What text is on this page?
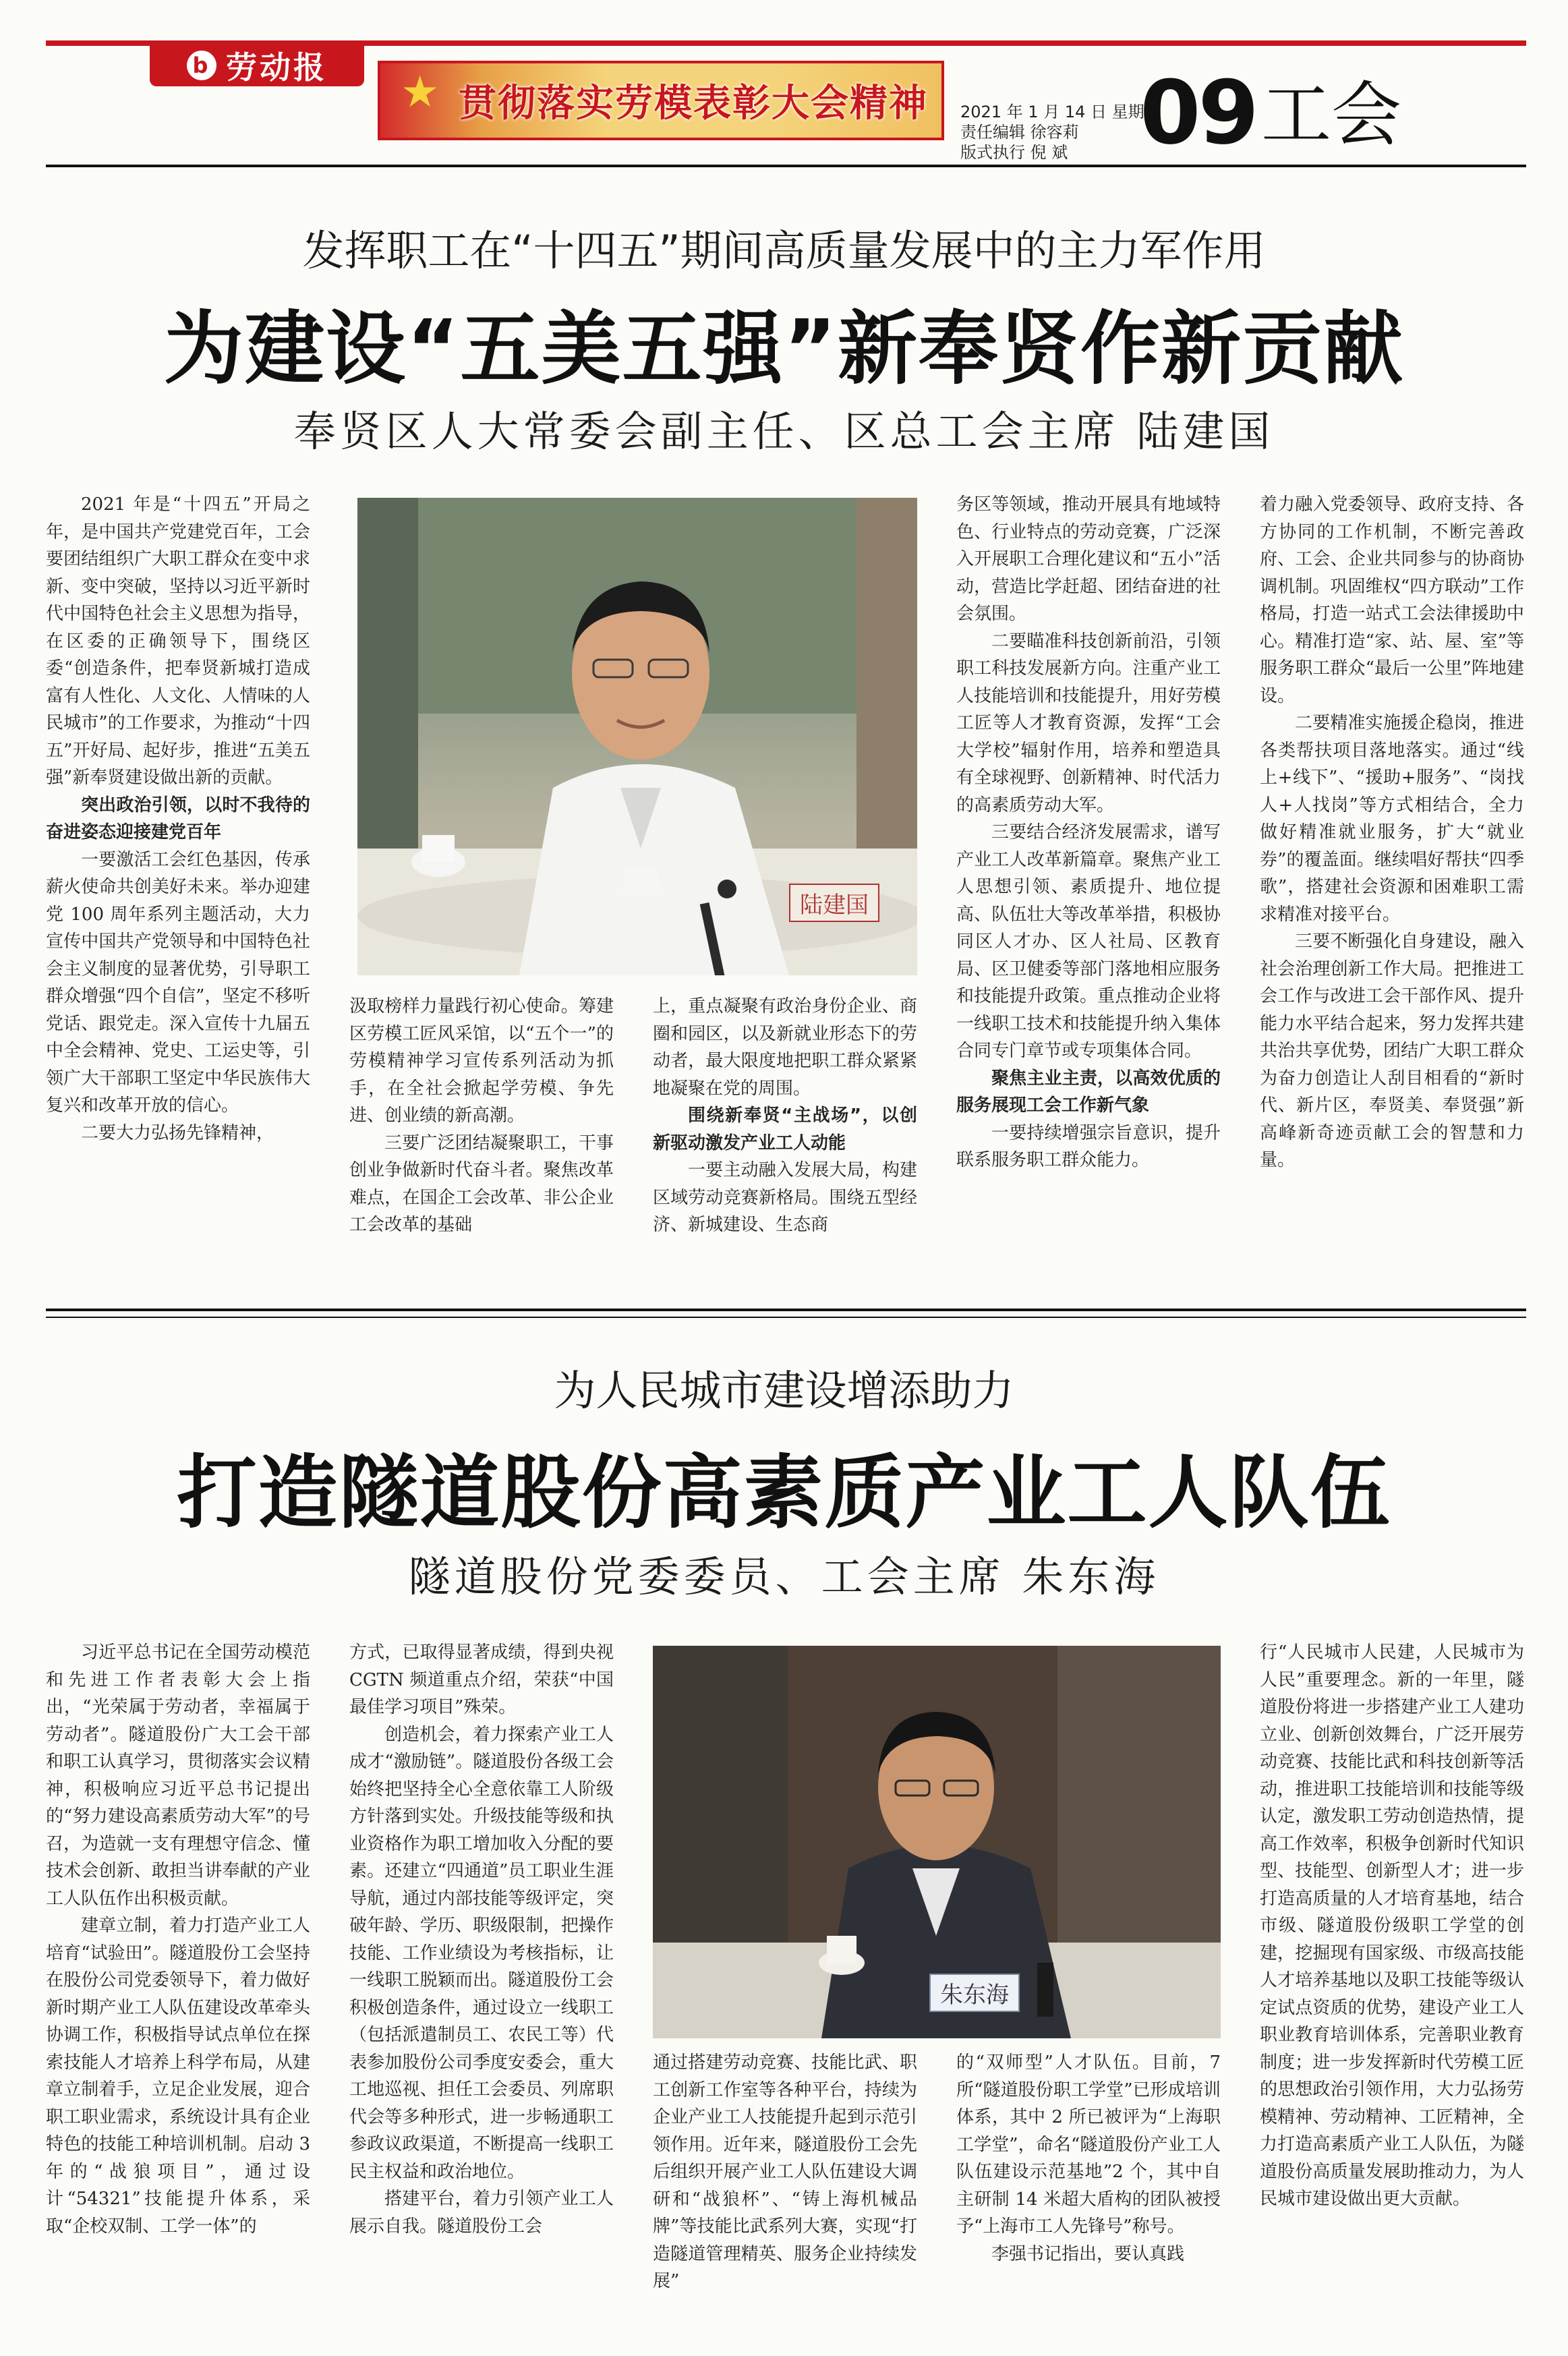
b 劳动报 ★ 贯彻落实劳模表彰大会精神 2021 年 1 月 14 日 星期四
责任编辑 徐容莉
版式执行 倪 斌 09 工会
发挥职工在“十四五”期间高质量发展中的主力军作用
为建设“五美五强”新奉贤作新贡献
奉贤区人大常委会副主任、区总工会主席 陆建国
陆建国

2021 年是“十四五”开局之年，是中国共产党建党百年，工会要团结组织广大职工群众在变中求新、变中突破，坚持以习近平新时代中国特色社会主义思想为指导，在区委的正确领导下，围绕区委“创造条件，把奉贤新城打造成富有人性化、人文化、人情味的人民城市”的工作要求，为推动“十四五”开好局、起好步，推进“五美五强”新奉贤建设做出新的贡献。

突出政治引领，以时不我待的奋进姿态迎接建党百年

一要激活工会红色基因，传承薪火使命共创美好未来。举办迎建党 100 周年系列主题活动，大力宣传中国共产党领导和中国特色社会主义制度的显著优势，引导职工群众增强“四个自信”，坚定不移听党话、跟党走。深入宣传十九届五中全会精神、党史、工运史等，引领广大干部职工坚定中华民族伟大复兴和改革开放的信心。

二要大力弘扬先锋精神，

汲取榜样力量践行初心使命。筹建区劳模工匠风采馆，以“五个一”的劳模精神学习宣传系列活动为抓手，在全社会掀起学劳模、争先进、创业绩的新高潮。

三要广泛团结凝聚职工，干事创业争做新时代奋斗者。聚焦改革难点，在国企工会改革、非公企业工会改革的基础

上，重点凝聚有政治身份企业、商圈和园区，以及新就业形态下的劳动者，最大限度地把职工群众紧紧地凝聚在党的周围。

围绕新奉贤“主战场”，以创新驱动激发产业工人动能

一要主动融入发展大局，构建区域劳动竞赛新格局。围绕五型经济、新城建设、生态商

务区等领域，推动开展具有地域特色、行业特点的劳动竞赛，广泛深入开展职工合理化建议和“五小”活动，营造比学赶超、团结奋进的社会氛围。

二要瞄准科技创新前沿，引领职工科技发展新方向。注重产业工人技能培训和技能提升，用好劳模工匠等人才教育资源，发挥“工会大学校”辐射作用，培养和塑造具有全球视野、创新精神、时代活力的高素质劳动大军。

三要结合经济发展需求，谱写产业工人改革新篇章。聚焦产业工人思想引领、素质提升、地位提高、队伍壮大等改革举措，积极协同区人才办、区人社局、区教育局、区卫健委等部门落地相应服务和技能提升政策。重点推动企业将一线职工技术和技能提升纳入集体合同专门章节或专项集体合同。

聚焦主业主责，以高效优质的服务展现工会工作新气象

一要持续增强宗旨意识，提升联系服务职工群众能力。

着力融入党委领导、政府支持、各方协同的工作机制，不断完善政府、工会、企业共同参与的协商协调机制。巩固维权“四方联动”工作格局，打造一站式工会法律援助中心。精准打造“家、站、屋、室”等服务职工群众“最后一公里”阵地建设。

二要精准实施援企稳岗，推进各类帮扶项目落地落实。通过“线上+线下”、“援助+服务”、“岗找人+人找岗”等方式相结合，全力做好精准就业服务，扩大“就业券”的覆盖面。继续唱好帮扶“四季歌”，搭建社会资源和困难职工需求精准对接平台。

三要不断强化自身建设，融入社会治理创新工作大局。把推进工会工作与改进工会干部作风、提升能力水平结合起来，努力发挥共建共治共享优势，团结广大职工群众为奋力创造让人刮目相看的“新时代、新片区，奉贤美、奉贤强”新高峰新奇迹贡献工会的智慧和力量。

为人民城市建设增添助力
打造隧道股份高素质产业工人队伍
隧道股份党委委员、工会主席 朱东海
朱东海

习近平总书记在全国劳动模范和先进工作者表彰大会上指出，“光荣属于劳动者，幸福属于劳动者”。隧道股份广大工会干部和职工认真学习，贯彻落实会议精神，积极响应习近平总书记提出的“努力建设高素质劳动大军”的号召，为造就一支有理想守信念、懂技术会创新、敢担当讲奉献的产业工人队伍作出积极贡献。

建章立制，着力打造产业工人培育“试验田”。隧道股份工会坚持在股份公司党委领导下，着力做好新时期产业工人队伍建设改革牵头协调工作，积极指导试点单位在探索技能人才培养上科学布局，从建章立制着手，立足企业发展，迎合职工职业需求，系统设计具有企业特色的技能工种培训机制。启动 3 年的“战狼项目”，通过设计“54321”技能提升体系，采取“企校双制、工学一体”的

方式，已取得显著成绩，得到央视 CGTN 频道重点介绍，荣获“中国最佳学习项目”殊荣。

创造机会，着力探索产业工人成才“激励链”。隧道股份各级工会始终把坚持全心全意依靠工人阶级方针落到实处。升级技能等级和执业资格作为职工增加收入分配的要素。还建立“四通道”员工职业生涯导航，通过内部技能等级评定，突破年龄、学历、职级限制，把操作技能、工作业绩设为考核指标，让一线职工脱颖而出。隧道股份工会积极创造条件，通过设立一线职工（包括派遣制员工、农民工等）代表参加股份公司季度安委会，重大工地巡视、担任工会委员、列席职代会等多种形式，进一步畅通职工参政议政渠道，不断提高一线职工民主权益和政治地位。

搭建平台，着力引领产业工人展示自我。隧道股份工会

通过搭建劳动竞赛、技能比武、职工创新工作室等各种平台，持续为企业产业工人技能提升起到示范引领作用。近年来，隧道股份工会先后组织开展产业工人队伍建设大调研和“战狼杯”、“铸上海机械品牌”等技能比武系列大赛，实现“打造隧道管理精英、服务企业持续发展”

的“双师型”人才队伍。目前，7 所“隧道股份职工学堂”已形成培训体系，其中 2 所已被评为“上海职工学堂”，命名“隧道股份产业工人队伍建设示范基地”2 个，其中自主研制 14 米超大盾构的团队被授予“上海市工人先锋号”称号。

李强书记指出，要认真践

行“人民城市人民建，人民城市为人民”重要理念。新的一年里，隧道股份将进一步搭建产业工人建功立业、创新创效舞台，广泛开展劳动竞赛、技能比武和科技创新等活动，推进职工技能培训和技能等级认定，激发职工劳动创造热情，提高工作效率，积极争创新时代知识型、技能型、创新型人才；进一步打造高质量的人才培育基地，结合市级、隧道股份级职工学堂的创建，挖掘现有国家级、市级高技能人才培养基地以及职工技能等级认定试点资质的优势，建设产业工人职业教育培训体系，完善职业教育制度；进一步发挥新时代劳模工匠的思想政治引领作用，大力弘扬劳模精神、劳动精神、工匠精神，全力打造高素质产业工人队伍，为隧道股份高质量发展助推动力，为人民城市建设做出更大贡献。
